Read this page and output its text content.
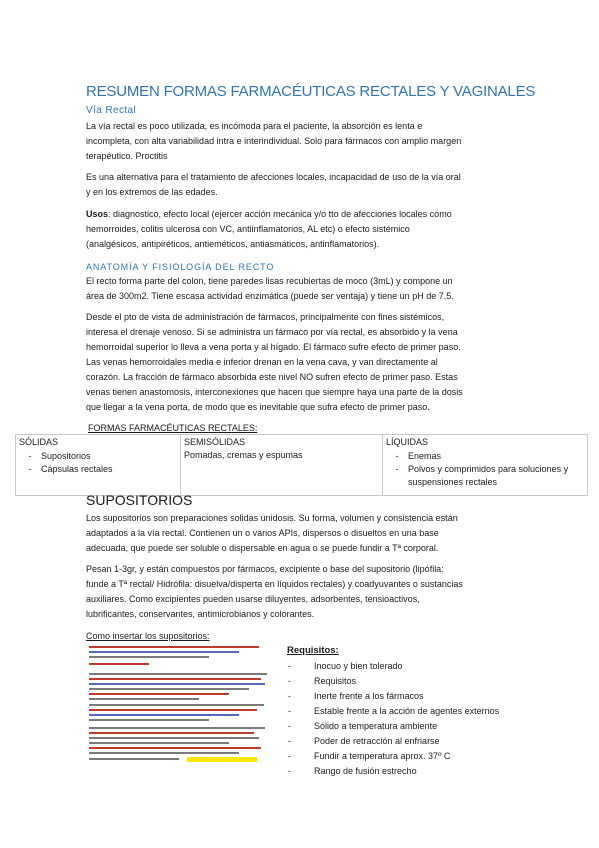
RESUMEN FORMAS FARMACÉUTICAS RECTALES Y VAGINALES
Vía Rectal

La vía rectal es poco utilizada, es incómoda para el paciente, la absorción es lenta e

incompleta, con alta variabilidad intra e interindividual. Solo para fármacos con amplio margen

terapéutico. Proctitis

Es una alternativa para el tratamiento de afecciones locales, incapacidad de uso de la vía oral

y en los extremos de las edades.

Usos: diagnostico, efecto local (ejercer acción mecánica y/o tto de afecciones locales como

hemorroides, colitis ulcerosa con VC, antiinflamatorios, AL etc) o efecto sistémico

(analgésicos, antipiréticos, antieméticos, antiasmáticos, antinflamatorios).

ANATOMÍA Y FISIOLOGÍA DEL RECTO

El recto forma parte del colon, tiene paredes lisas recubiertas de moco (3mL) y compone un

área de 300m2. Tiene escasa actividad enzimática (puede ser ventaja) y tiene un pH de 7.5.

Desde el pto de vista de administración de fármacos, principalmente con fines sistémicos,

interesa el drenaje venoso. Si se administra un fármaco por vía rectal, es absorbido y la vena

hemorroidal superior lo lleva a vena porta y al hígado. El fármaco sufre efecto de primer paso.

Las venas hemorroidales media e inferior drenan en la vena cava, y van directamente al

corazón. La fracción de fármaco absorbida este nivel NO sufren efecto de primer paso. Estas

venas tienen anastomosis, interconexiones que hacen que siempre haya una parte de la dosis

que llegar a la vena porta, de modo que es inevitable que sufra efecto de primer paso.

FORMAS FARMACÉUTICAS RECTALES:
SÓLIDAS
-	Supositorios
-	Cápsulas rectales

SEMISÓLIDAS
Pomadas, cremas y espumas	
LÍQUIDAS
-	Enemas
-	Polvos y comprimidos para soluciones y
suspensiones rectales
SUPOSITORIOS

Los supositorios son preparaciones solidas unidosis. Su forma, volumen y consistencia están

adaptados a la vía rectal. Contienen un o varios APIs, dispersos o disueltos en una base

adecuada, que puede ser soluble o dispersable en agua o se puede fundir a Tª corporal.

Pesan 1-3gr, y están compuestos por fármacos, excipiente o base del supositorio (lipófila:

funde a Tª rectal/ Hidrófila: disuelva/disperta en líquidos rectales) y coadyuvantes o sustancias

auxiliares. Como excipientes pueden usarse diluyentes, adsorbentes, tensioactivos,

lubrificantes, conservantes, antimicrobianos y colorantes.

Como insertar los supositorios:
Requisitos:
-	Inocuo y bien tolerado
-	Requisitos
-	Inerte frente a los fármacos
-	Estable frente a la acción de agentes externos
-	Sólido a temperatura ambiente
-	Poder de retracción al enfriarse
-	Fundir a temperatura aprox. 37º C
-	Rango de fusión estrecho
